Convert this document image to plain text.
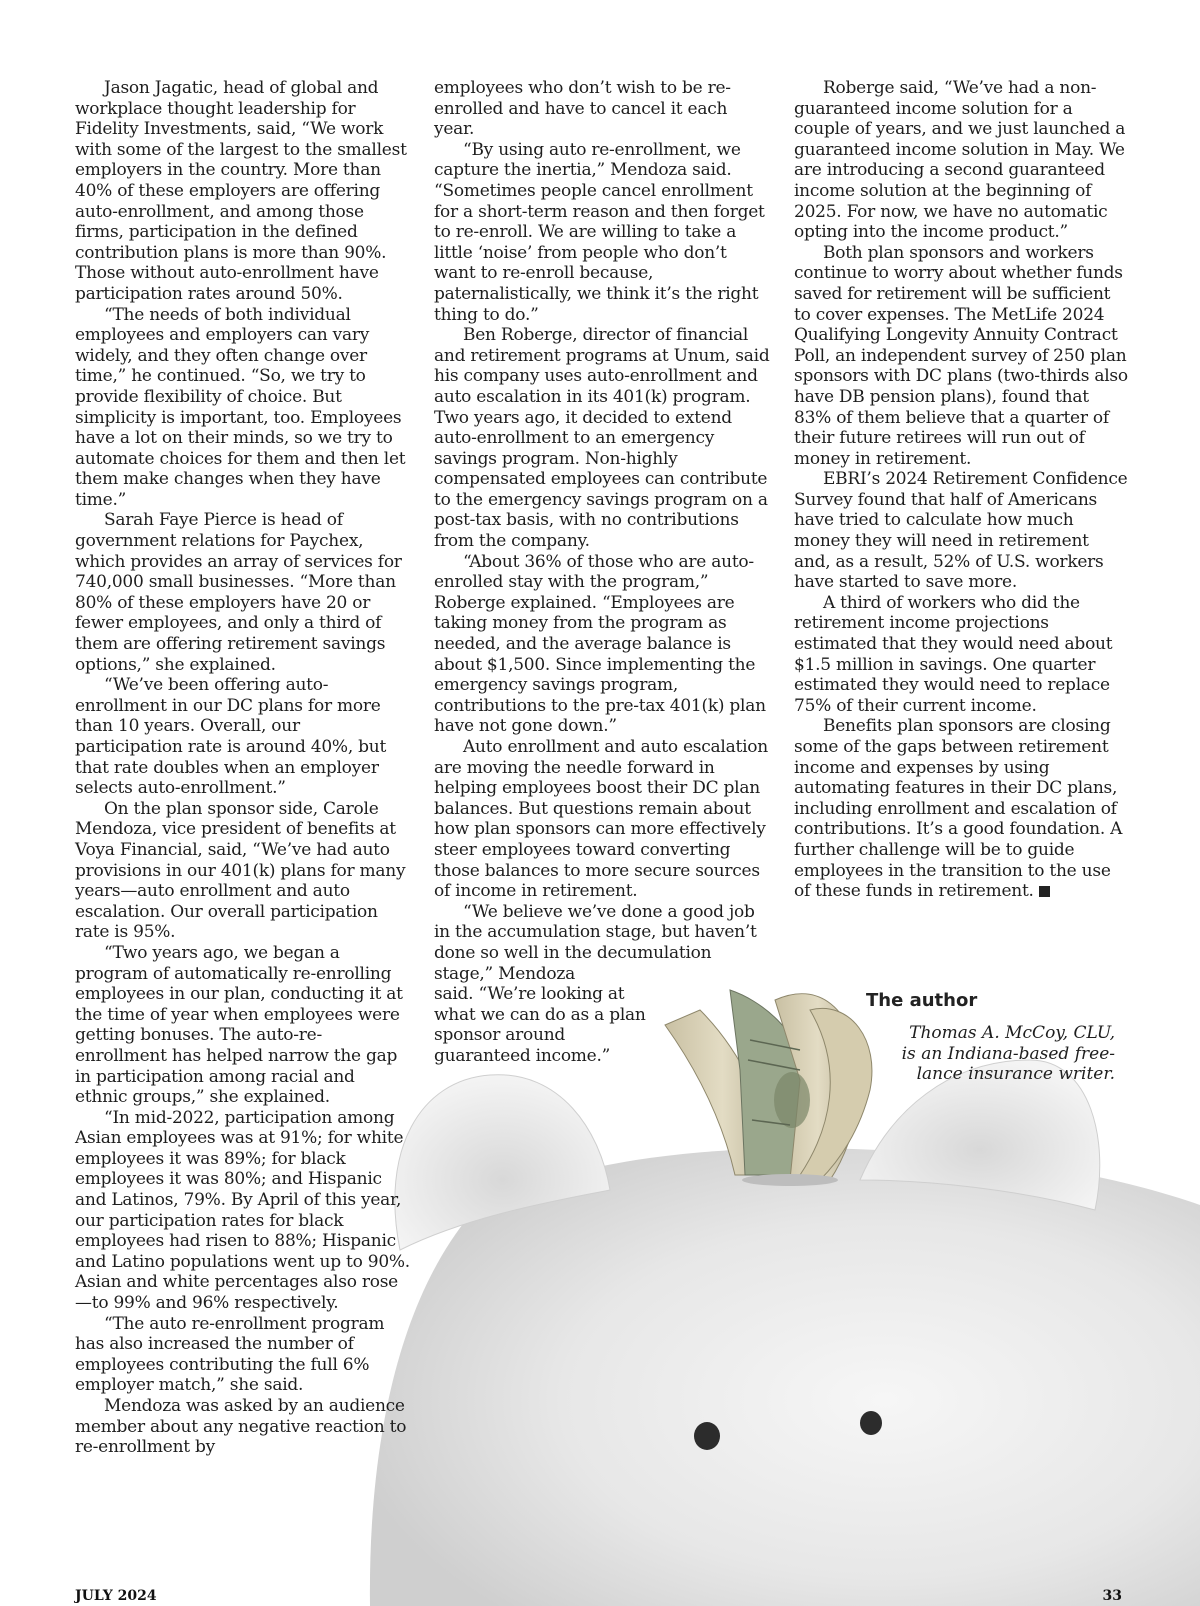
Jason Jagatic, head of global and workplace thought leadership for Fidelity Investments, said, “We work with some of the largest to the smallest employers in the country. More than 40% of these employers are offering auto-enrollment, and among those firms, participation in the defined contribution plans is more than 90%. Those without auto-enrollment have participation rates around 50%.

“The needs of both individual employees and employers can vary widely, and they often change over time,” he continued. “So, we try to provide flexibility of choice. But simplicity is important, too. Employees have a lot on their minds, so we try to automate choices for them and then let them make changes when they have time.”

Sarah Faye Pierce is head of government relations for Paychex, which provides an array of services for 740,000 small businesses. “More than 80% of these employers have 20 or fewer employees, and only a third of them are offering retirement savings options,” she explained.

“We’ve been offering auto-enrollment in our DC plans for more than 10 years. Overall, our participation rate is around 40%, but that rate doubles when an employer selects auto-enrollment.”

On the plan sponsor side, Carole Mendoza, vice president of benefits at Voya Financial, said, “We’ve had auto provisions in our 401(k) plans for many years—auto enrollment and auto escalation. Our overall participation rate is 95%.

“Two years ago, we began a program of automatically re-enrolling employees in our plan, conducting it at the time of year when employees were getting bonuses. The auto-re-enrollment has helped narrow the gap in participation among racial and ethnic groups,” she explained.

“In mid-2022, participation among Asian employees was at 91%; for white employees it was 89%; for black employees it was 80%; and Hispanic and Latinos, 79%. By April of this year, our participation rates for black employees had risen to 88%; Hispanic and Latino populations went up to 90%. Asian and white percentages also rose—to 99% and 96% respectively.

“The auto re-enrollment program has also increased the number of employees contributing the full 6% employer match,” she said.

Mendoza was asked by an audience member about any negative reaction to re-enrollment by

employees who don’t wish to be re-enrolled and have to cancel it each year.

“By using auto re-enrollment, we capture the inertia,” Mendoza said. “Sometimes people cancel enrollment for a short-term reason and then forget to re-enroll. We are willing to take a little ‘noise’ from people who don’t want to re-enroll because, paternalistically, we think it’s the right thing to do.”

Ben Roberge, director of financial and retirement programs at Unum, said his company uses auto-enrollment and auto escalation in its 401(k) program. Two years ago, it decided to extend auto-enrollment to an emergency savings program. Non-highly compensated employees can contribute to the emergency savings program on a post-tax basis, with no contributions from the company.

“About 36% of those who are auto-enrolled stay with the program,” Roberge explained. “Employees are taking money from the program as needed, and the average balance is about $1,500. Since implementing the emergency savings program, contributions to the pre-tax 401(k) plan have not gone down.”

Auto enrollment and auto escalation are moving the needle forward in helping employees boost their DC plan balances. But questions remain about how plan sponsors can more effectively steer employees toward converting those balances to more secure sources of income in retirement.

“We believe we’ve done a good job in the accumulation stage, but haven’t done so well in the decumulation stage,” Mendoza

said. “We’re looking at what we can do as a plan sponsor around guaranteed income.”

Roberge said, “We’ve had a non-guaranteed income solution for a couple of years, and we just launched a guaranteed income solution in May. We are introducing a second guaranteed income solution at the beginning of 2025. For now, we have no automatic opting into the income product.”

Both plan sponsors and workers continue to worry about whether funds saved for retirement will be sufficient to cover expenses. The MetLife 2024 Qualifying Longevity Annuity Contract Poll, an independent survey of 250 plan sponsors with DC plans (two-thirds also have DB pension plans), found that 83% of them believe that a quarter of their future retirees will run out of money in retirement.

EBRI’s 2024 Retirement Confidence Survey found that half of Americans have tried to calculate how much money they will need in retirement and, as a result, 52% of U.S. workers have started to save more.

A third of workers who did the retirement income projections estimated that they would need about $1.5 million in savings. One quarter estimated they would need to replace 75% of their current income.

Benefits plan sponsors are closing some of the gaps between retirement income and expenses by using automating features in their DC plans, including enrollment and escalation of contributions. It’s a good foundation. A further challenge will be to guide employees in the transition to the use of these funds in retirement.

The author
Thomas A. McCoy, CLU,
is an Indiana-based free-
lance insurance writer.
JULY 2024	33
